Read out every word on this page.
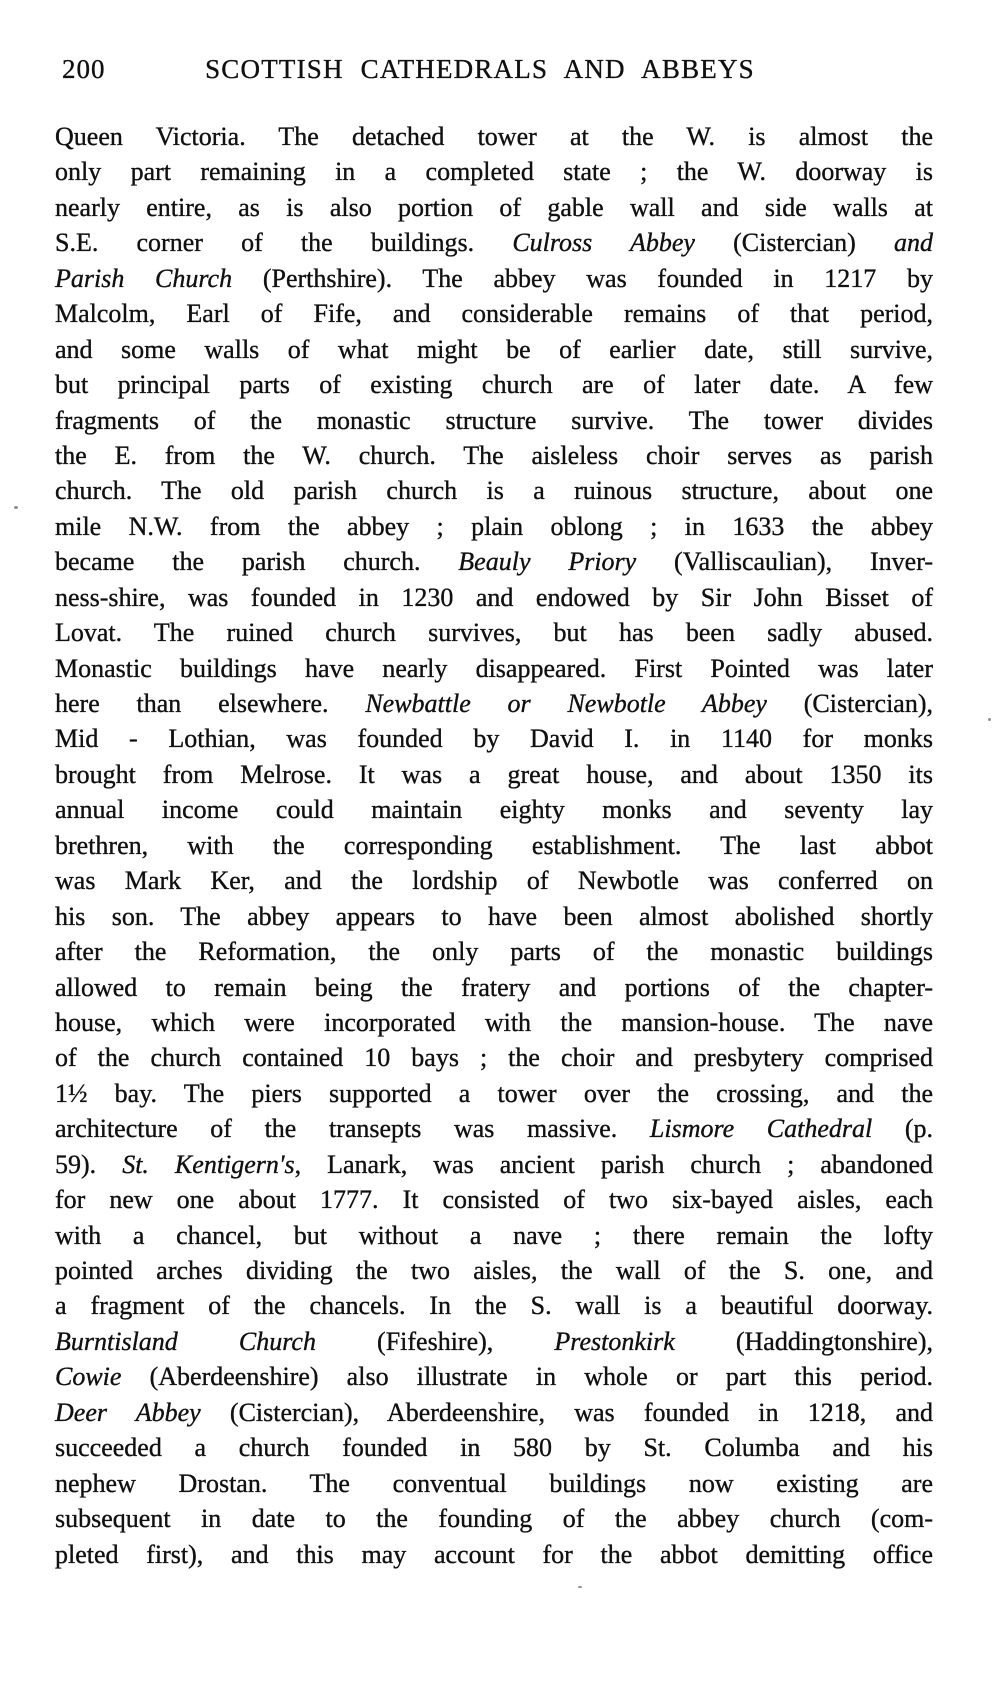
200	SCOTTISH CATHEDRALS AND ABBEYS
Queen Victoria. The detached tower at the W. is almost the
only part remaining in a completed state ; the W. doorway is
nearly entire, as is also portion of gable wall and side walls at
S.E. corner of the buildings. Culross Abbey (Cistercian) and
Parish Church (Perthshire). The abbey was founded in 1217 by
Malcolm, Earl of Fife, and considerable remains of that period,
and some walls of what might be of earlier date, still survive,
but principal parts of existing church are of later date. A few
fragments of the monastic structure survive. The tower divides
the E. from the W. church. The aisleless choir serves as parish
church. The old parish church is a ruinous structure, about one
mile N.W. from the abbey ; plain oblong ; in 1633 the abbey
became the parish church. Beauly Priory (Valliscaulian), Inver-
ness-shire, was founded in 1230 and endowed by Sir John Bisset of
Lovat. The ruined church survives, but has been sadly abused.
Monastic buildings have nearly disappeared. First Pointed was later
here than elsewhere. Newbattle or Newbotle Abbey (Cistercian),
Mid - Lothian, was founded by David I. in 1140 for monks
brought from Melrose. It was a great house, and about 1350 its
annual income could maintain eighty monks and seventy lay
brethren, with the corresponding establishment. The last abbot
was Mark Ker, and the lordship of Newbotle was conferred on
his son. The abbey appears to have been almost abolished shortly
after the Reformation, the only parts of the monastic buildings
allowed to remain being the fratery and portions of the chapter-
house, which were incorporated with the mansion-house. The nave
of the church contained 10 bays ; the choir and presbytery comprised
1½ bay. The piers supported a tower over the crossing, and the
architecture of the transepts was massive. Lismore Cathedral (p.
59). St. Kentigern's, Lanark, was ancient parish church ; abandoned
for new one about 1777. It consisted of two six-bayed aisles, each
with a chancel, but without a nave ; there remain the lofty
pointed arches dividing the two aisles, the wall of the S. one, and
a fragment of the chancels. In the S. wall is a beautiful doorway.
Burntisland Church (Fifeshire), Prestonkirk (Haddingtonshire),
Cowie (Aberdeenshire) also illustrate in whole or part this period.
Deer Abbey (Cistercian), Aberdeenshire, was founded in 1218, and
succeeded a church founded in 580 by St. Columba and his
nephew Drostan. The conventual buildings now existing are
subsequent in date to the founding of the abbey church (com-
pleted first), and this may account for the abbot demitting office
